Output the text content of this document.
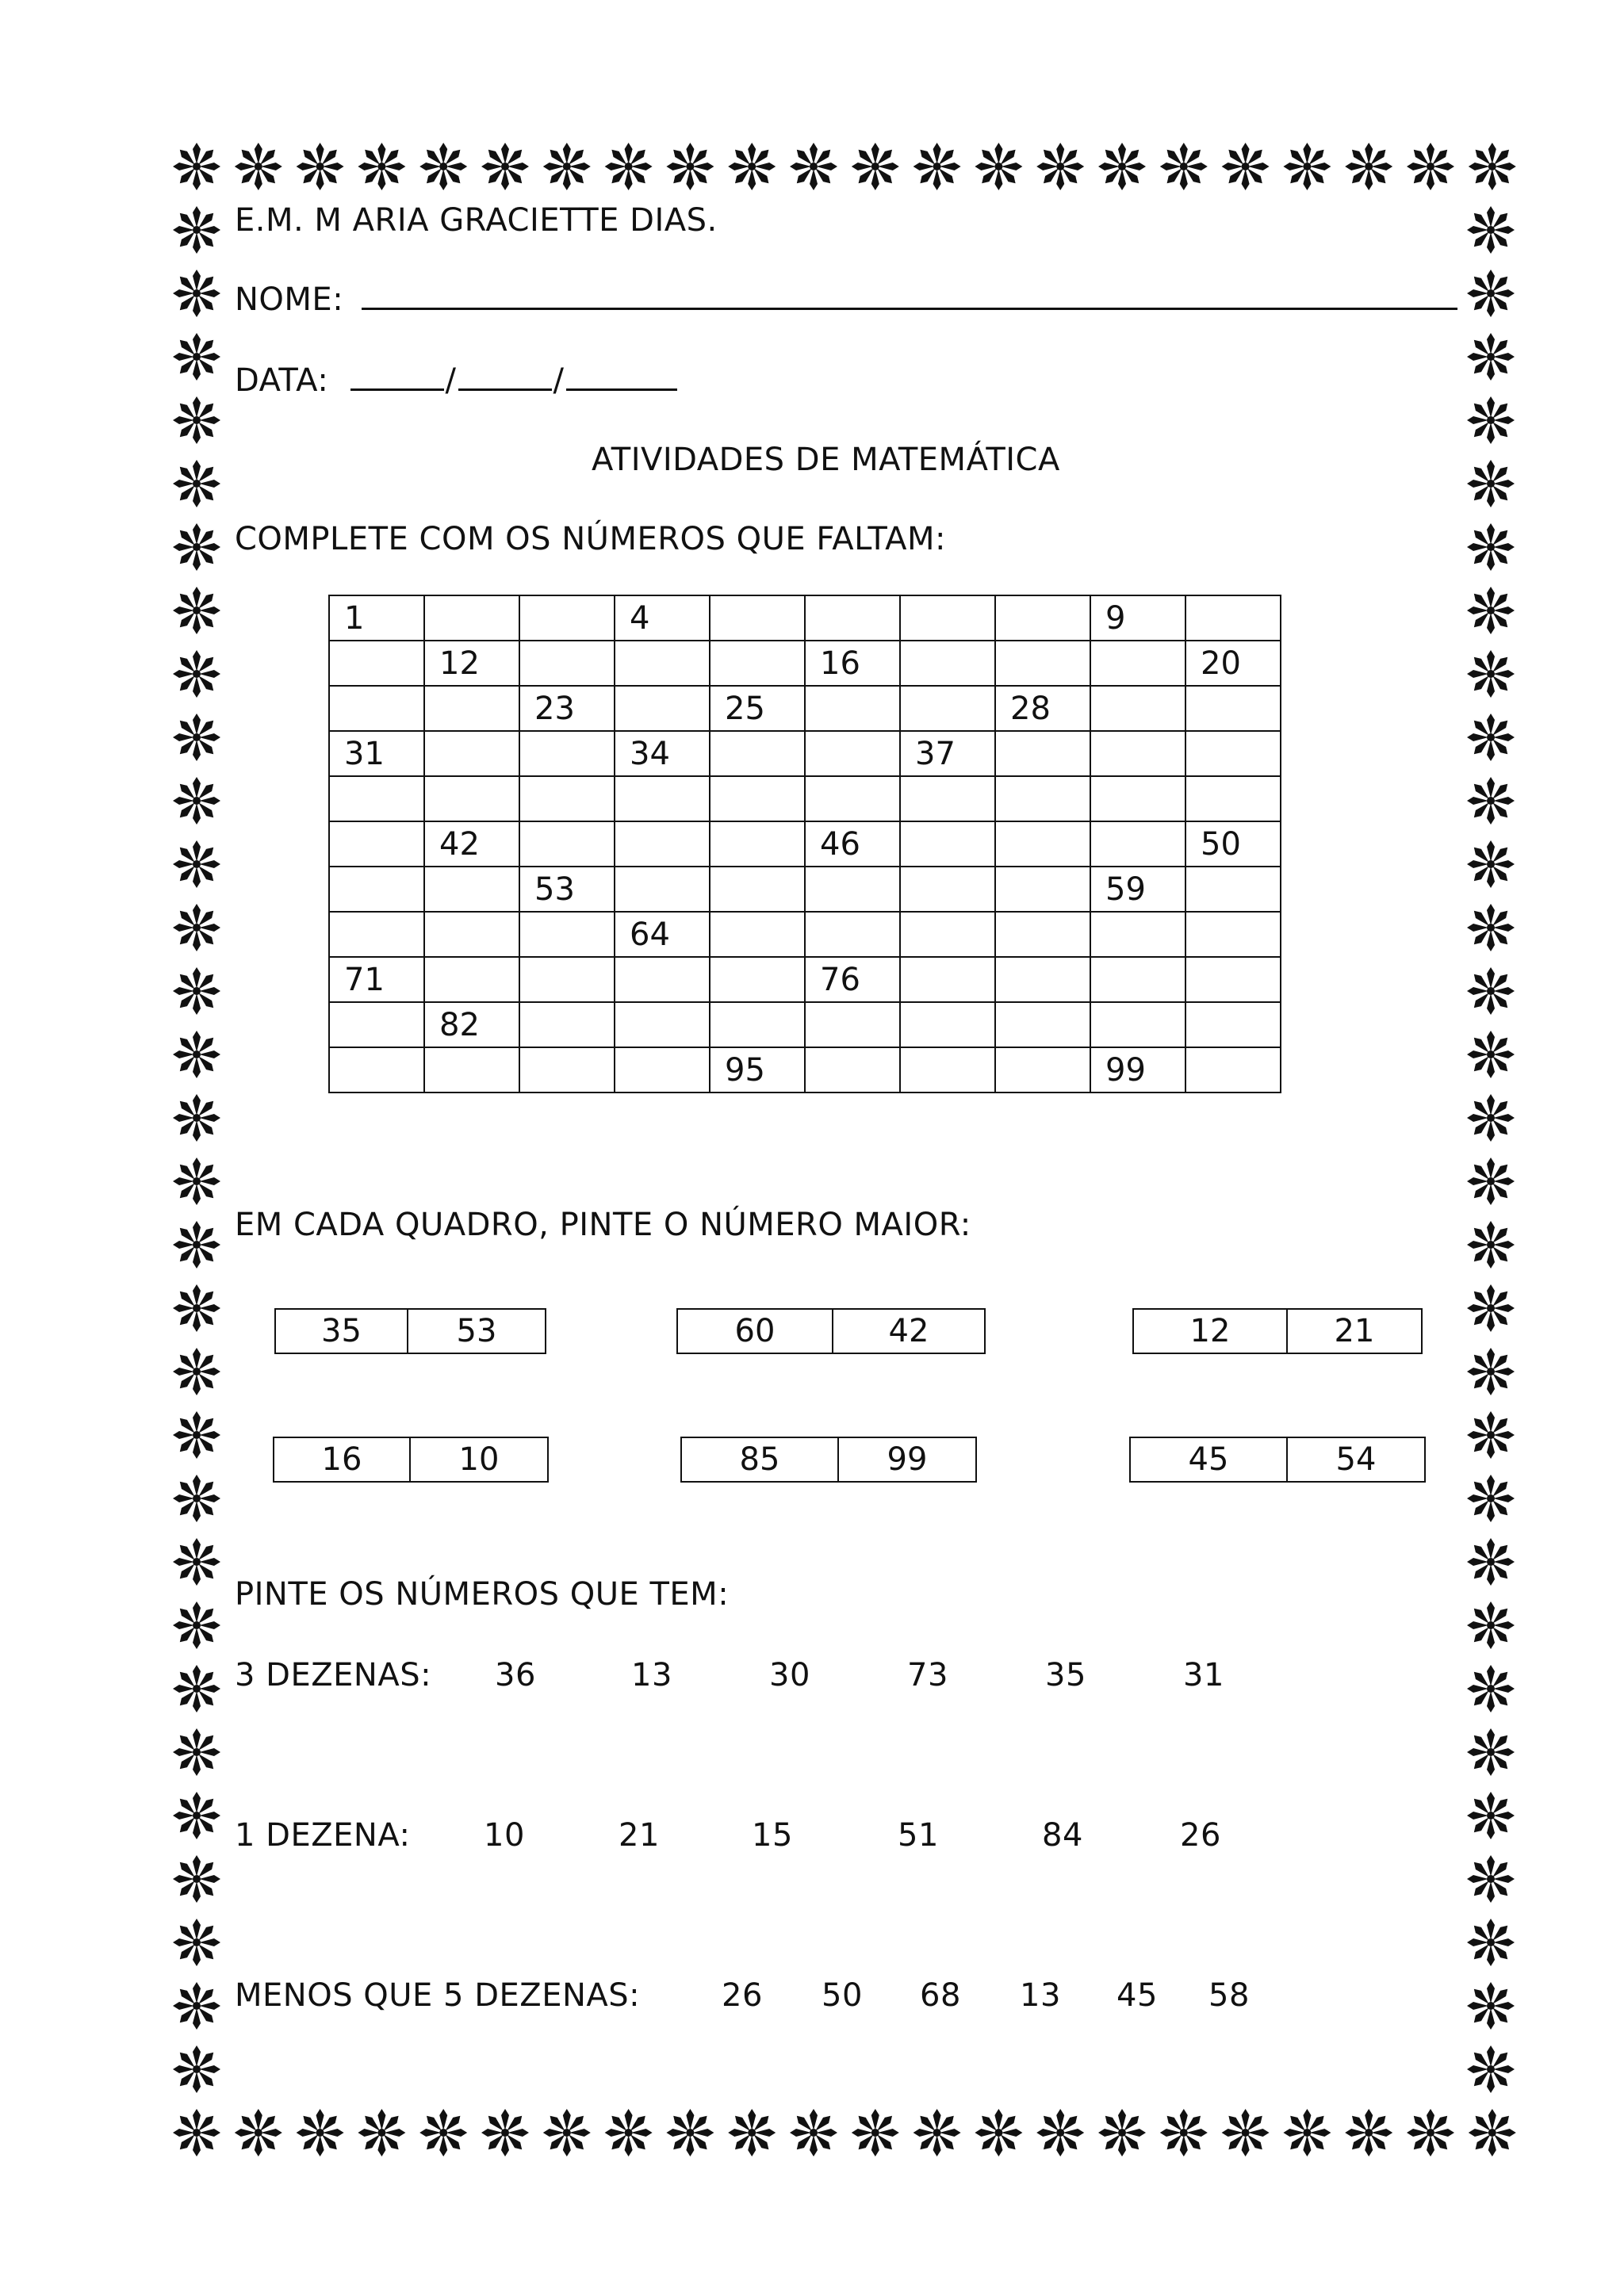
E.M. M ARIA GRACIETTE DIAS.
NOME:
DATA:	/	/
ATIVIDADES DE MATEMÁTICA
COMPLETE COM OS NÚMEROS QUE FALTAM:
1			4					9	
	12				16				20
		23		25			28		
31			34			37			

	42				46				50
		53						59	
			64						
71					76				
	82								
				95				99	
EM CADA QUADRO, PINTE O NÚMERO MAIOR:
35	53	60	42	12	21
16	10	85	99	45	54
PINTE OS NÚMEROS QUE TEM:
3 DEZENAS: 36	13	30	73	35	31
1 DEZENA: 10	21	15	51	84	26
MENOS QUE 5 DEZENAS:	26 50 68 13 45 58
